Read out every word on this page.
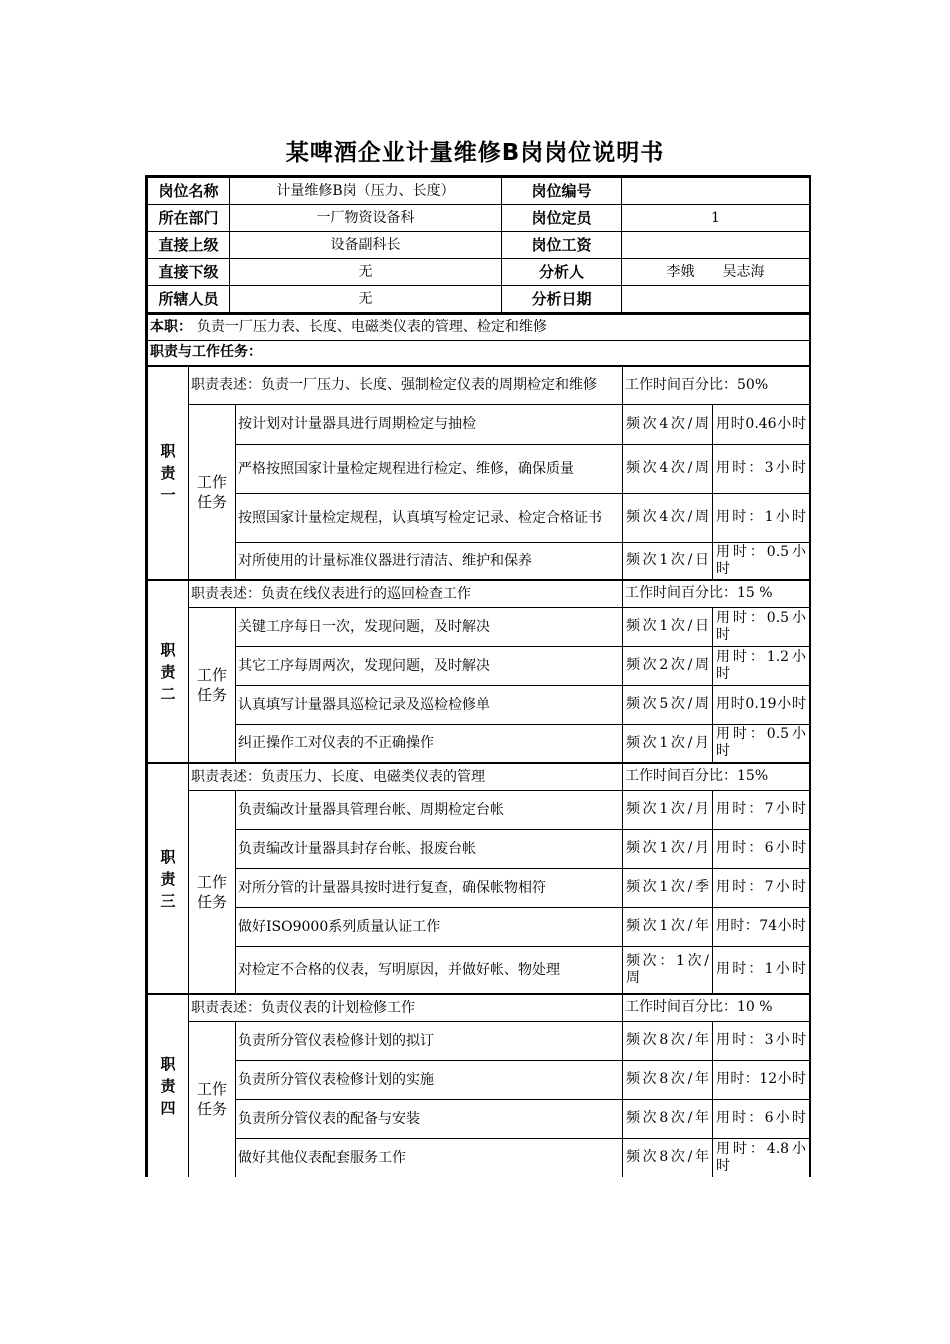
某啤酒企业计量维修B岗岗位说明书
岗位名称	计量维修B岗（压力、长度）	岗位编号	
所在部门	一厂物资设备科	岗位定员	1
直接上级	设备副科长	岗位工资	
直接下级	无	分析人	李娥　　吴志海
所辖人员	无	分析日期	
本职： 负责一厂压力表、长度、电磁类仪表的管理、检定和维修				
职责与工作任务：				
职责一	职责表述：负责一厂压力、长度、强制检定仪表的周期检定和维修		工作时间百分比：50%	
	工作任务	按计划对计量器具进行周期检定与抽检	频次4次/周	用时0.46小时
		严格按照国家计量检定规程进行检定、维修，确保质量	频次4次/周	用时：3小时
		按照国家计量检定规程，认真填写检定记录、检定合格证书	频次4次/周	用时：1小时
		对所使用的计量标准仪器进行清洁、维护和保养	频次1次/日	用时：0.5小时
职责二	职责表述：负责在线仪表进行的巡回检查工作		工作时间百分比：15 %	
	工作任务	关键工序每日一次，发现问题，及时解决	频次1次/日	用时：0.5小时
		其它工序每周两次，发现问题，及时解决	频次2次/周	用时：1.2小时
		认真填写计量器具巡检记录及巡检检修单	频次5次/周	用时0.19小时
		纠正操作工对仪表的不正确操作	频次1次/月	用时：0.5小时
职责三	职责表述：负责压力、长度、电磁类仪表的管理		工作时间百分比：15%	
	工作任务	负责编改计量器具管理台帐、周期检定台帐	频次1次/月	用时：7小时
		负责编改计量器具封存台帐、报废台帐	频次1次/月	用时：6小时
		对所分管的计量器具按时进行复查，确保帐物相符	频次1次/季	用时：7小时
		做好ISO9000系列质量认证工作	频次1次/年	用时：74小时
		对检定不合格的仪表，写明原因，并做好帐、物处理	频次：1次/周	用时：1小时
职责四	职责表述：负责仪表的计划检修工作		工作时间百分比：10 %	
	工作任务	负责所分管仪表检修计划的拟订	频次8次/年	用时：3小时
		负责所分管仪表检修计划的实施	频次8次/年	用时：12小时
		负责所分管仪表的配备与安装	频次8次/年	用时：6小时
		做好其他仪表配套服务工作	频次8次/年	用时：4.8小时
